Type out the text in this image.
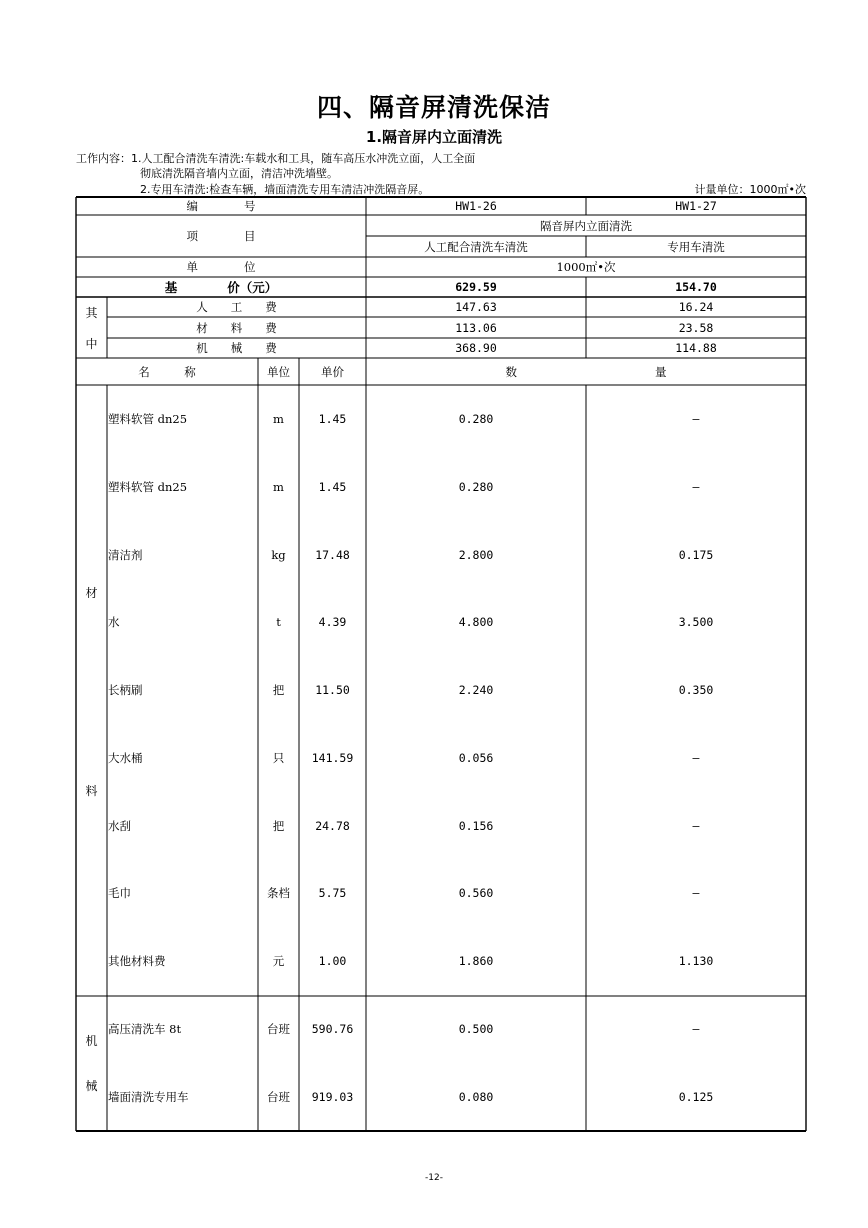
四、隔音屏清洗保洁
1.隔音屏内立面清洗
工作内容：1.人工配合清洗车清洗:车载水和工具，随车高压水冲洗立面，人工全面
彻底清洗隔音墙内立面，清洁冲洗墙壁。
2.专用车清洗:检查车辆，墙面清洗专用车清洁冲洗隔音屏。	计量单位：1000㎡•次
编　　　　号	HW1-26	HW1-27
项　　　　目
隔音屏内立面清洗
人工配合清洗车清洗	专用车清洗
单　　　　位	1000㎡•次
基　　　　价（元）	629.59	154.70
其
中
人　　工　　费	147.63	16.24
材　　料　　费	113.06	23.58
机　　械　　费	368.90	114.88
名　　　称	单位	单价	数　　　　　　　　　　　　量
材
料
机
械
塑料软管 dn25	m	1.45	0.280	—
塑料软管 dn25	m	1.45	0.280	—
清洁剂	kg	17.48	2.800	0.175
水	t	4.39	4.800	3.500
长柄刷	把	11.50	2.240	0.350
大水桶	只	141.59	0.056	—
水刮	把	24.78	0.156	—
毛巾	条档	5.75	0.560	—
其他材料费	元	1.00	1.860	1.130
高压清洗车 8t	台班	590.76	0.500	—
墙面清洗专用车	台班	919.03	0.080	0.125
-12-
